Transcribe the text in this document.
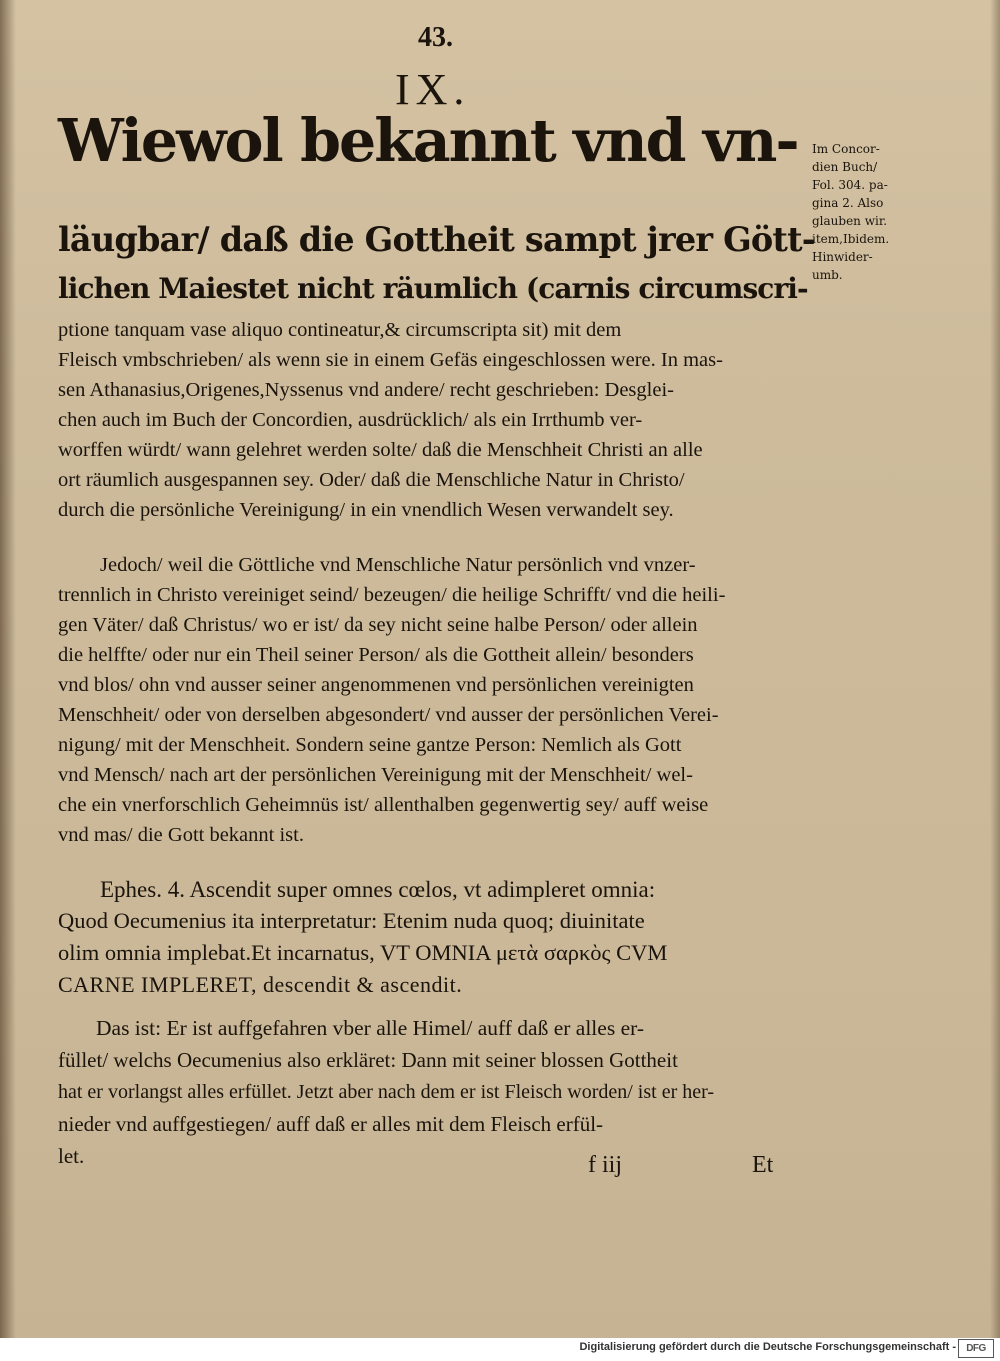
43.
IX.
Wiewol bekannt vnd vn-
läugbar/ daß die Gottheit sampt jrer Gött-
lichen Maiestet nicht räumlich (carnis circumscri-
ptione tanquam vase aliquo contineatur,& circumscripta sit) mit dem
Fleisch vmbschrieben/ als wenn sie in einem Gefäs eingeschlossen were. In mas-
sen Athanasius,Origenes,Nyssenus vnd andere/ recht geschrieben: Desglei-
chen auch im Buch der Concordien, ausdrücklich/ als ein Irrthumb ver-
worffen würdt/ wann gelehret werden solte/ daß die Menschheit Christi an alle
ort räumlich ausgespannen sey. Oder/ daß die Menschliche Natur in Christo/
durch die persönliche Vereinigung/ in ein vnendlich Wesen verwandelt sey.
Jedoch/ weil die Göttliche vnd Menschliche Natur persönlich vnd vnzer-
trennlich in Christo vereiniget seind/ bezeugen/ die heilige Schrifft/ vnd die heili-
gen Väter/ daß Christus/ wo er ist/ da sey nicht seine halbe Person/ oder allein
die helffte/ oder nur ein Theil seiner Person/ als die Gottheit allein/ besonders
vnd blos/ ohn vnd ausser seiner angenommenen vnd persönlichen vereinigten
Menschheit/ oder von derselben abgesondert/ vnd ausser der persönlichen Verei-
nigung/ mit der Menschheit. Sondern seine gantze Person: Nemlich als Gott
vnd Mensch/ nach art der persönlichen Vereinigung mit der Menschheit/ wel-
che ein vnerforschlich Geheimnüs ist/ allenthalben gegenwertig sey/ auff weise
vnd mas/ die Gott bekannt ist.
Ephes. 4. Ascendit super omnes cœlos, vt adimpleret omnia:
Quod Oecumenius ita interpretatur: Etenim nuda quoq; diuinitate
olim omnia implebat.Et incarnatus, VT OMNIA μετὰ σαρκὸς CVM
CARNE IMPLERET, descendit & ascendit.
Das ist: Er ist auffgefahren vber alle Himel/ auff daß er alles er-
füllet/ welchs Oecumenius also erkläret: Dann mit seiner blossen Gottheit
hat er vorlangst alles erfüllet. Jetzt aber nach dem er ist Fleisch worden/ ist er her-
nieder vnd auffgestiegen/ auff daß er alles mit dem Fleisch erfül-
let.	f iij	Et
Im Concor-
dien Buch/
Fol. 304. pa-
gina 2. Also
glauben wir.
item,Ibidem.
Hinwider-
umb.
Digitalisierung gefördert durch die Deutsche Forschungsgemeinschaft -	DFG
